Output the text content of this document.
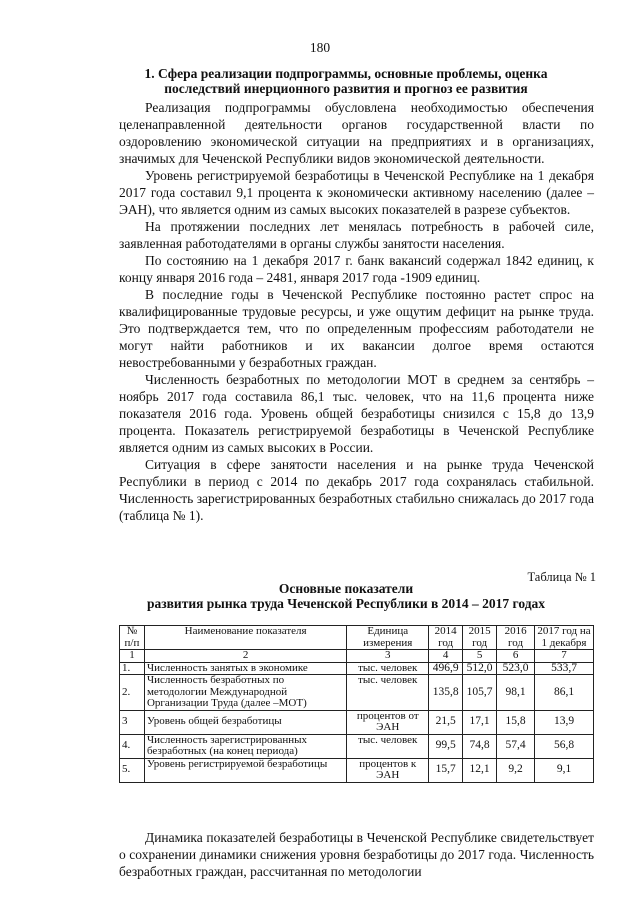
180
1. Сфера реализации подпрограммы, основные проблемы, оценка
последствий инерционного развития и прогноз ее развития

Реализация подпрограммы обусловлена необходимостью обеспечения целенаправленной деятельности органов государственной власти по оздоровлению экономической ситуации на предприятиях и в организациях, значимых для Чеченской Республики видов экономической деятельности.

Уровень регистрируемой безработицы в Чеченской Республике на 1 декабря 2017 года составил 9,1 процента к экономически активному населению (далее – ЭАН), что является одним из самых высоких показателей в разрезе субъектов.

На протяжении последних лет менялась потребность в рабочей силе, заявленная работодателями в органы службы занятости населения.

По состоянию на 1 декабря 2017 г. банк вакансий содержал 1842 единиц, к концу января 2016 года – 2481, января 2017 года -1909 единиц.

В последние годы в Чеченской Республике постоянно растет спрос на квалифицированные трудовые ресурсы, и уже ощутим дефицит на рынке труда. Это подтверждается тем, что по определенным профессиям работодатели не могут найти работников и их вакансии долгое время остаются невостребованными у безработных граждан.

Численность безработных по методологии МОТ в среднем за сентябрь – ноябрь 2017 года составила 86,1 тыс. человек, что на 11,6 процента ниже показателя 2016 года. Уровень общей безработицы снизился с 15,8 до 13,9 процента. Показатель регистрируемой безработицы в Чеченской Республике является одним из самых высоких в России.

Ситуация в сфере занятости населения и на рынке труда Чеченской Республики в период с 2014 по декабрь 2017 года сохранялась стабильной. Численность зарегистрированных безработных стабильно снижалась до 2017 года (таблица № 1).

Таблица № 1
Основные показатели
развития рынка труда Чеченской Республики в 2014 – 2017 годах
№ п/п	Наименование показателя	Единица измерения	2014 год	2015 год	2016 год	2017 год на 1 декабря
1	2	3	4	5	6	7
1.	Численность занятых в экономике	тыс. человек	496,9	512,0	523,0	533,7
2.	Численность безработных по методологии Международной Организации Труда (далее –МОТ)	тыс. человек	135,8	105,7	98,1	86,1
3	Уровень общей безработицы	процентов от ЭАН	21,5	17,1	15,8	13,9
4.	Численность зарегистрированных безработных (на конец периода)	тыс. человек	99,5	74,8	57,4	56,8
5.	Уровень регистрируемой безработицы	процентов к ЭАН	15,7	12,1	9,2	9,1

Динамика показателей безработицы в Чеченской Республике свидетельствует о сохранении динамики снижения уровня безработицы до 2017 года. Численность безработных граждан, рассчитанная по методологии
